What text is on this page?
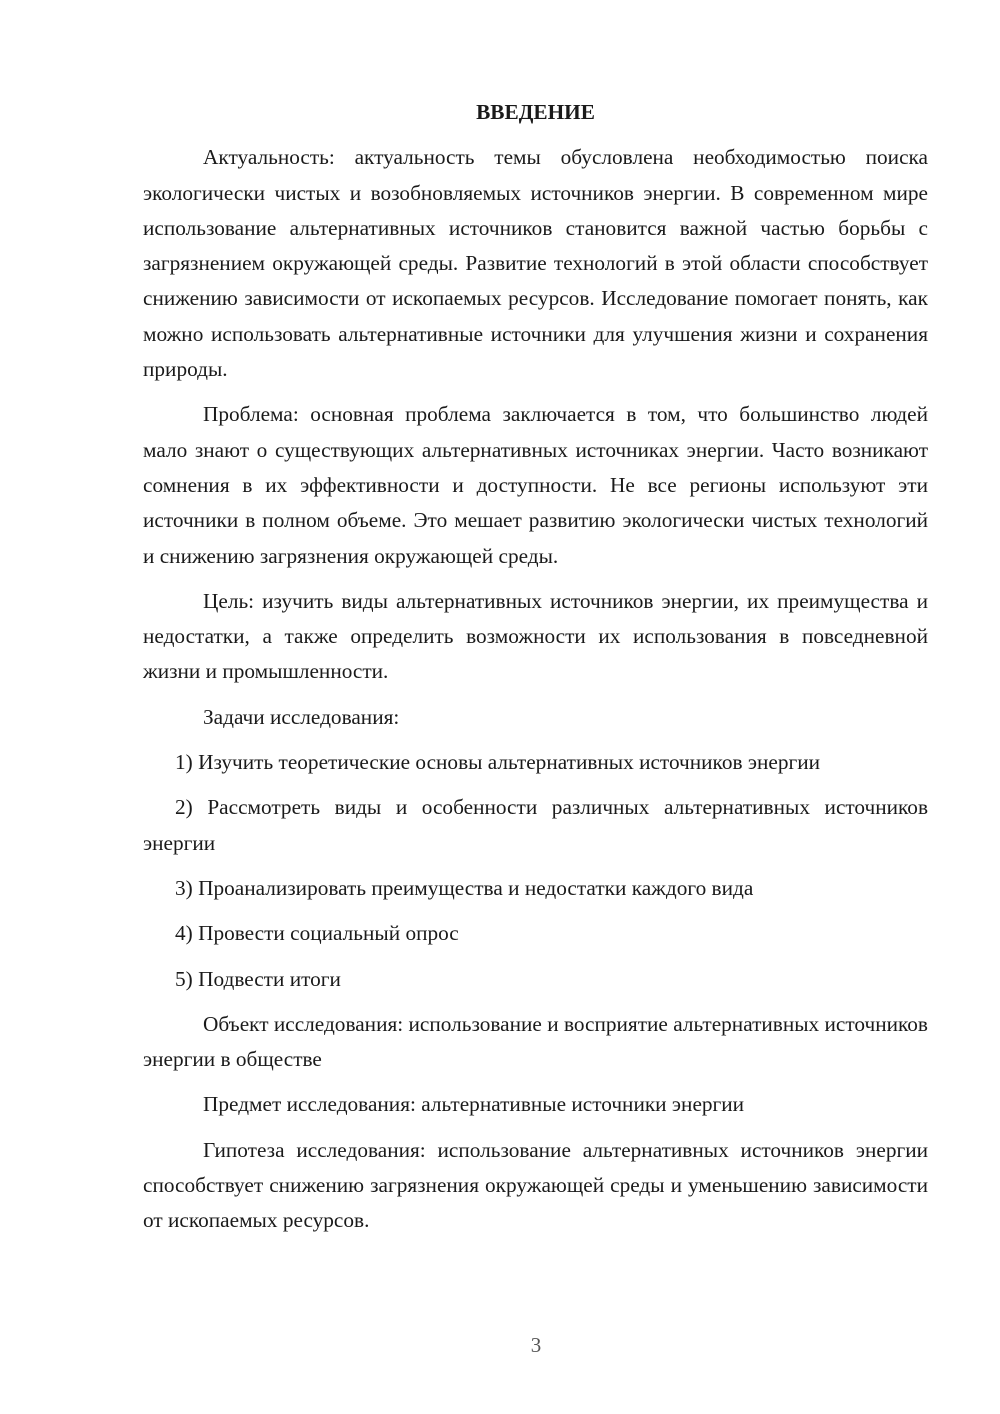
ВВЕДЕНИЕ

Актуальность: актуальность темы обусловлена необходимостью поиска экологически чистых и возобновляемых источников энергии. В современном мире использование альтернативных источников становится важной частью борьбы с загрязнением окружающей среды. Развитие технологий в этой области способствует снижению зависимости от ископаемых ресурсов. Исследование помогает понять, как можно использовать альтернативные источники для улучшения жизни и сохранения природы.

Проблема: основная проблема заключается в том, что большинство людей мало знают о существующих альтернативных источниках энергии. Часто возникают сомнения в их эффективности и доступности. Не все регионы используют эти источники в полном объеме. Это мешает развитию экологически чистых технологий и снижению загрязнения окружающей среды.

Цель: изучить виды альтернативных источников энергии, их преимущества и недостатки, а также определить возможности их использования в повседневной жизни и промышленности.

Задачи исследования:

1) Изучить теоретические основы альтернативных источников энергии

2) Рассмотреть виды и особенности различных альтернативных источников энергии

3) Проанализировать преимущества и недостатки каждого вида

4) Провести социальный опрос

5) Подвести итоги

Объект исследования: использование и восприятие альтернативных источников энергии в обществе

Предмет исследования: альтернативные источники энергии

Гипотеза исследования: использование альтернативных источников энергии способствует снижению загрязнения окружающей среды и уменьшению зависимости от ископаемых ресурсов.

3
